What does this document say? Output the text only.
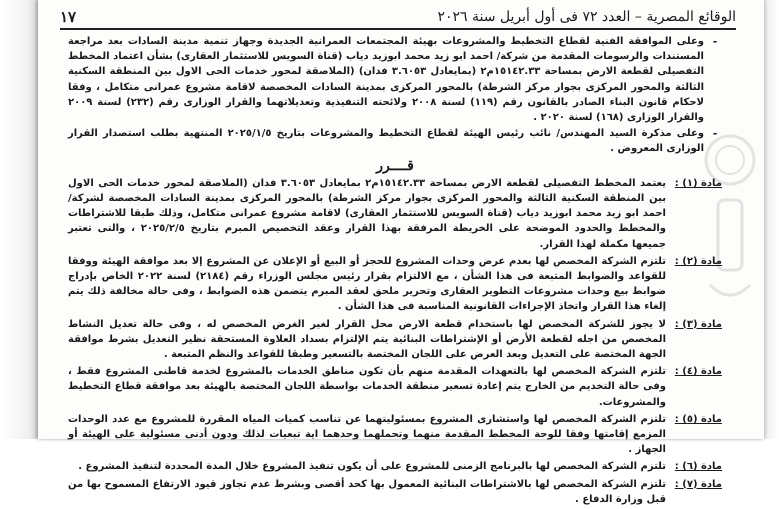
الوقائع المصرية – العدد ٧٢ فى أول أبريل سنة ٢٠٢٦
١٧
-

وعلى الموافقة الفنية لقطاع التخطيط والمشروعات بهيئة المجتمعات العمرانية الجديدة وجهاز تنمية مدينة السادات بعد مراجعة المستندات والرسومات المقدمة من شركة/ احمد ابو زيد محمد ابوزيد دياب (قناة السويس للاستثمار العقارى) بشأن اعتماد المخطط التفصيلى لقطعة الارض بمساحة ١٥١٤٢.٣٣م٢ (بمايعادل ٣.٦٠٥٣ فدان) (الملاصقة لمحور خدمات الحى الاول بين المنطقة السكنية الثالثة والمحور المركزى بجوار مركز الشرطة) بالمحور المركزى بمدينة السادات المخصصة لاقامة مشروع عمرانى متكامل ، وفقا لاحكام قانون البناء الصادر بالقانون رقم (١١٩) لسنة ٢٠٠٨ ولائحته التنفيذية وتعديلاتهما والقرار الوزارى رقم (٢٣٢) لسنة ٢٠٠٩ والقرار الوزارى (١٦٨) لسنة ٢٠٢٠ .

-

وعلى مذكرة السيد المهندس/ نائب رئيس الهيئة لقطاع التخطيط والمشروعات بتاريخ ٢٠٢٥/١/٥ المنتهية بطلب استصدار القرار الوزارى المعروض .

قــــرر
مادة (١) :

يعتمد المخطط التفصيلى لقطعة الارض بمساحة ١٥١٤٢.٣٣م٢ بمايعادل ٣.٦٠٥٣ فدان (الملاصقة لمحور خدمات الحى الاول بين المنطقة السكنية الثالثة والمحور المركزى بجوار مركز الشرطة) بالمحور المركزى بمدينة السادات المخصصة لشركة/ احمد ابو زيد محمد ابوزيد دياب (قناة السويس للاستثمار العقارى) لاقامة مشروع عمرانى متكامل، وذلك طبقا للاشتراطات والمخطط والحدود الموضحة على الخريطة المرفقة بهذا القرار وعقد التخصيص المبرم بتاريخ ٢٠٢٥/٢/٥ ، والتى تعتبر جميعها مكملة لهذا القرار.

مادة (٢) :

تلتزم الشركة المخصص لها بعدم عرض وحدات المشروع للحجز أو البيع أو الإعلان عن المشروع إلا بعد موافقة الهيئة ووفقا للقواعد والضوابط المتبعة فى هذا الشأن ، مع الالتزام بقرار رئيس مجلس الوزراء رقم (٢١٨٤) لسنة ٢٠٢٢ الخاص بإدراج ضوابط بيع وحدات مشروعات التطوير العقارى وتحرير ملحق لعقد المبرم يتضمن هذه الضوابط ، وفى حالة مخالفة ذلك يتم إلغاء هذا القرار واتخاذ الإجراءات القانونية المناسبة فى هذا الشأن .

مادة (٣) :

لا يجوز للشركة المخصص لها باستخدام قطعة الارض محل القرار لغير الغرض المخصص له ، وفى حالة تعديل النشاط المخصص من اجله لقطعة الأرض أو الإشتراطات البنائية يتم الإلتزام بسداد العلاوة المستحقة نظير التعديل بشرط موافقة الجهة المختصة على التعديل وبعد العرض على اللجان المختصة بالتسعير وطبقا للقواعد والنظم المتبعة .

مادة (٤) :

تلتزم الشركة المخصص لها بالتعهدات المقدمة منهم بأن تكون مناطق الخدمات بالمشروع لخدمة قاطنى المشروع فقط ، وفى حالة التخديم من الخارج يتم إعادة تسعير منطقة الخدمات بواسطة اللجان المختصة بالهيئة بعد موافقة قطاع التخطيط والمشروعات.

مادة (٥) :

تلتزم الشركة المخصص لها واستشارى المشروع بمسئوليتهما عن تناسب كميات المياه المقررة للمشروع مع عدد الوحدات المزمع إقامتها وفقا للوحة المخطط المقدمة منهما وتحملهما وحدهما اية تبعيات لذلك ودون أدنى مسئولية على الهيئة أو الجهاز .

مادة (٦) :

تلتزم الشركة المخصص لها بالبرنامج الزمنى للمشروع على أن يكون تنفيذ المشروع خلال المدة المحددة لتنفيذ المشروع .

مادة (٧) :

تلتزم الشركة المخصص لها بالاشتراطات البنائية المعمول بها كحد أقصى وبشرط عدم تجاوز قيود الارتفاع المسموح بها من قبل وزارة الدفاع .
